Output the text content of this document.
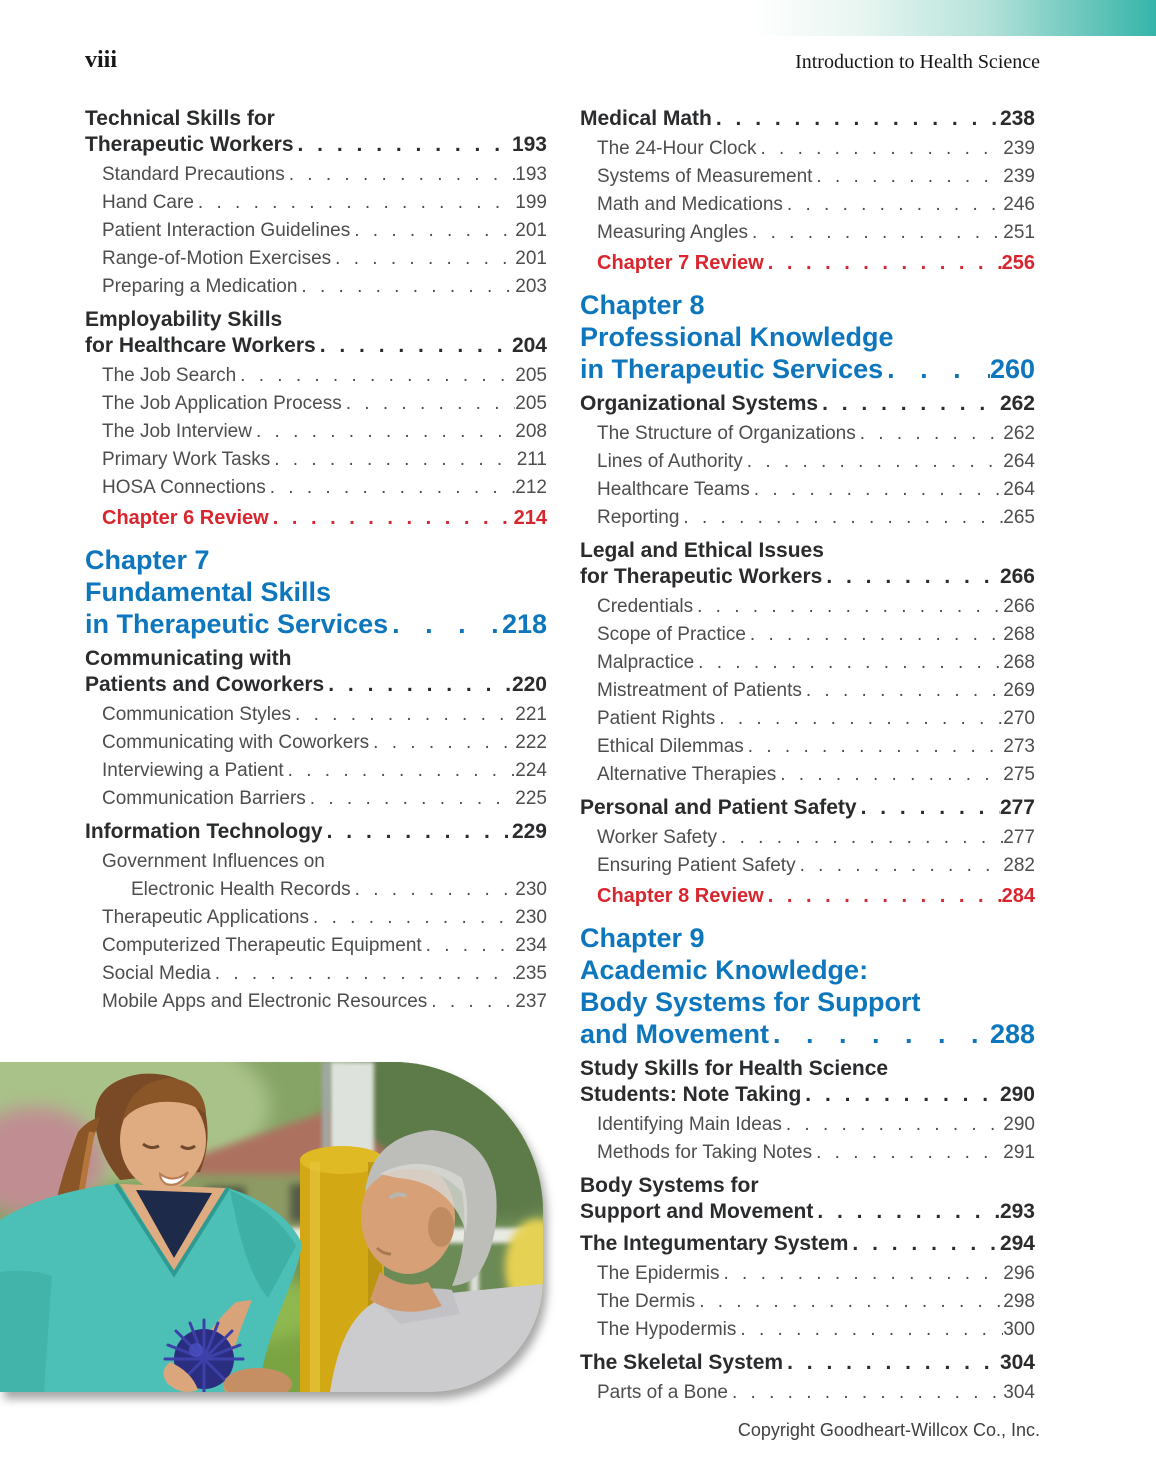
viii	Introduction to Health Science
Technical Skills for
Therapeutic Workers . . .	193
Standard Precautions . . .	193
Hand Care . . .	199
Patient Interaction Guidelines . . .	201
Range-of-Motion Exercises . . .	201
Preparing a Medication . . .	203
Employability Skills
for Healthcare Workers . . .	204
The Job Search . . .	205
The Job Application Process . . .	205
The Job Interview . . .	208
Primary Work Tasks . . .	211
HOSA Connections . . .	212
Chapter 6 Review . . .	214
Chapter 7
Fundamental Skills
in Therapeutic Services . . .	218
Communicating with
Patients and Coworkers . . .	220
Communication Styles . . .	221
Communicating with Coworkers . . .	222
Interviewing a Patient . . .	224
Communication Barriers . . .	225
Information Technology . . .	229
Government Influences on
Electronic Health Records . . .	230
Therapeutic Applications . . .	230
Computerized Therapeutic Equipment . . .	234
Social Media . . .	235
Mobile Apps and Electronic Resources . . .	237
Medical Math . . .	238
The 24-Hour Clock . . .	239
Systems of Measurement . . .	239
Math and Medications . . .	246
Measuring Angles . . .	251
Chapter 7 Review . . .	256
Chapter 8
Professional Knowledge
in Therapeutic Services . . .	260
Organizational Systems . . .	262
The Structure of Organizations . . .	262
Lines of Authority . . .	264
Healthcare Teams . . .	264
Reporting . . .	265
Legal and Ethical Issues
for Therapeutic Workers . . .	266
Credentials . . .	266
Scope of Practice . . .	268
Malpractice . . .	268
Mistreatment of Patients . . .	269
Patient Rights . . .	270
Ethical Dilemmas . . .	273
Alternative Therapies . . .	275
Personal and Patient Safety . . .	277
Worker Safety . . .	277
Ensuring Patient Safety . . .	282
Chapter 8 Review . . .	284
Chapter 9
Academic Knowledge:
Body Systems for Support
and Movement . . .	288
Study Skills for Health Science
Students: Note Taking . . .	290
Identifying Main Ideas . . .	290
Methods for Taking Notes . . .	291
Body Systems for
Support and Movement . . .	293
The Integumentary System . . .	294
The Epidermis . . .	296
The Dermis . . .	298
The Hypodermis . . .	300
The Skeletal System . . .	304
Parts of a Bone . . .	304
Copyright Goodheart-Willcox Co., Inc.
